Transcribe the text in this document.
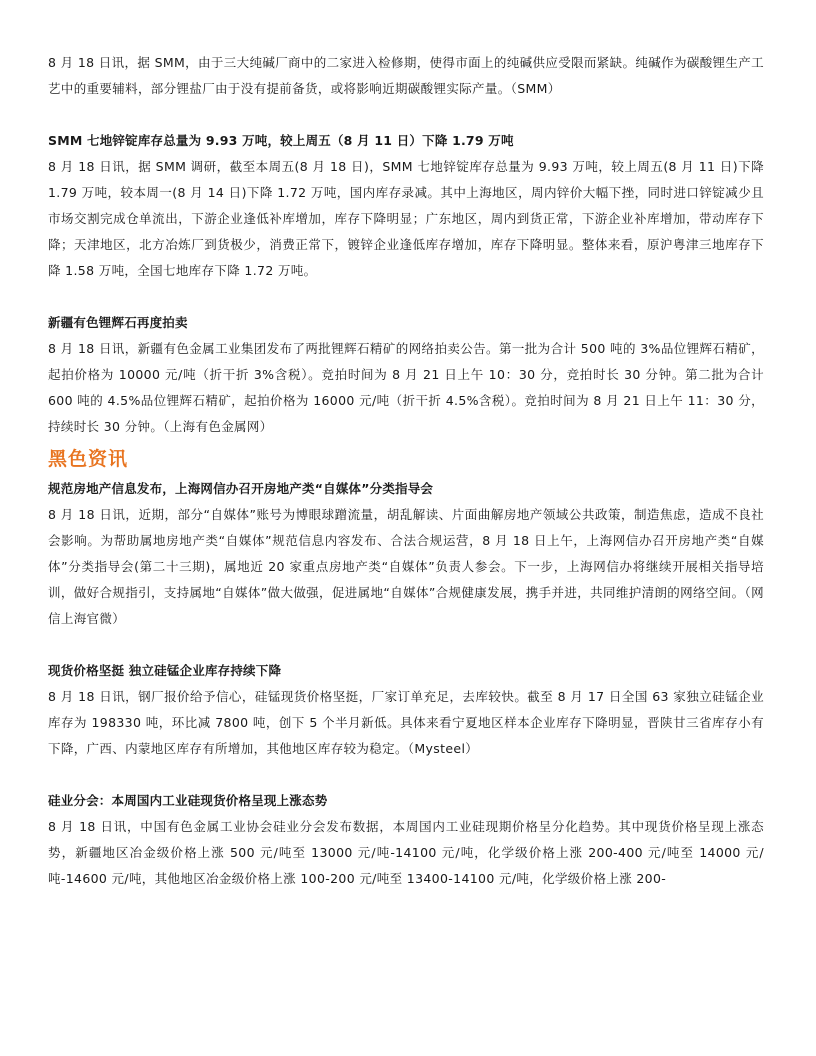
8 月 18 日讯，据 SMM，由于三大纯碱厂商中的二家进入检修期，使得市面上的纯碱供应受限而紧缺。纯碱作为碳酸锂生产工艺中的重要辅料，部分锂盐厂由于没有提前备货，或将影响近期碳酸锂实际产量。（SMM）

SMM 七地锌锭库存总量为 9.93 万吨，较上周五（8 月 11 日）下降 1.79 万吨

8 月 18 日讯，据 SMM 调研，截至本周五(8 月 18 日)，SMM 七地锌锭库存总量为 9.93 万吨，较上周五(8 月 11 日)下降 1.79 万吨，较本周一(8 月 14 日)下降 1.72 万吨，国内库存录减。其中上海地区，周内锌价大幅下挫，同时进口锌锭减少且市场交割完成仓单流出，下游企业逢低补库增加，库存下降明显；广东地区，周内到货正常，下游企业补库增加，带动库存下降；天津地区，北方冶炼厂到货极少，消费正常下，镀锌企业逢低库存增加，库存下降明显。整体来看，原沪粤津三地库存下降 1.58 万吨，全国七地库存下降 1.72 万吨。

新疆有色锂辉石再度拍卖

8 月 18 日讯，新疆有色金属工业集团发布了两批锂辉石精矿的网络拍卖公告。第一批为合计 500 吨的 3%品位锂辉石精矿，起拍价格为 10000 元/吨（折干折 3%含税）。竞拍时间为 8 月 21 日上午 10：30 分，竞拍时长 30 分钟。第二批为合计 600 吨的 4.5%品位锂辉石精矿，起拍价格为 16000 元/吨（折干折 4.5%含税）。竞拍时间为 8 月 21 日上午 11：30 分，持续时长 30 分钟。（上海有色金属网）

黑色资讯

规范房地产信息发布，上海网信办召开房地产类“自媒体”分类指导会

8 月 18 日讯，近期，部分“自媒体”账号为博眼球蹭流量，胡乱解读、片面曲解房地产领域公共政策，制造焦虑，造成不良社会影响。为帮助属地房地产类“自媒体”规范信息内容发布、合法合规运营，8 月 18 日上午，上海网信办召开房地产类“自媒体”分类指导会(第二十三期)，属地近 20 家重点房地产类“自媒体”负责人参会。下一步，上海网信办将继续开展相关指导培训，做好合规指引，支持属地“自媒体”做大做强，促进属地“自媒体”合规健康发展，携手并进，共同维护清朗的网络空间。（网信上海官微）

现货价格坚挺 独立硅锰企业库存持续下降

8 月 18 日讯，钢厂报价给予信心，硅锰现货价格坚挺，厂家订单充足，去库较快。截至 8 月 17 日全国 63 家独立硅锰企业库存为 198330 吨，环比减 7800 吨，创下 5 个半月新低。具体来看宁夏地区样本企业库存下降明显，晋陕甘三省库存小有下降，广西、内蒙地区库存有所增加，其他地区库存较为稳定。（Mysteel）

硅业分会：本周国内工业硅现货价格呈现上涨态势

8 月 18 日讯，中国有色金属工业协会硅业分会发布数据，本周国内工业硅现期价格呈分化趋势。其中现货价格呈现上涨态势，新疆地区冶金级价格上涨 500 元/吨至 13000 元/吨-14100 元/吨，化学级价格上涨 200-400 元/吨至 14000 元/吨-14600 元/吨，其他地区冶金级价格上涨 100-200 元/吨至 13400-14100 元/吨，化学级价格上涨 200-
